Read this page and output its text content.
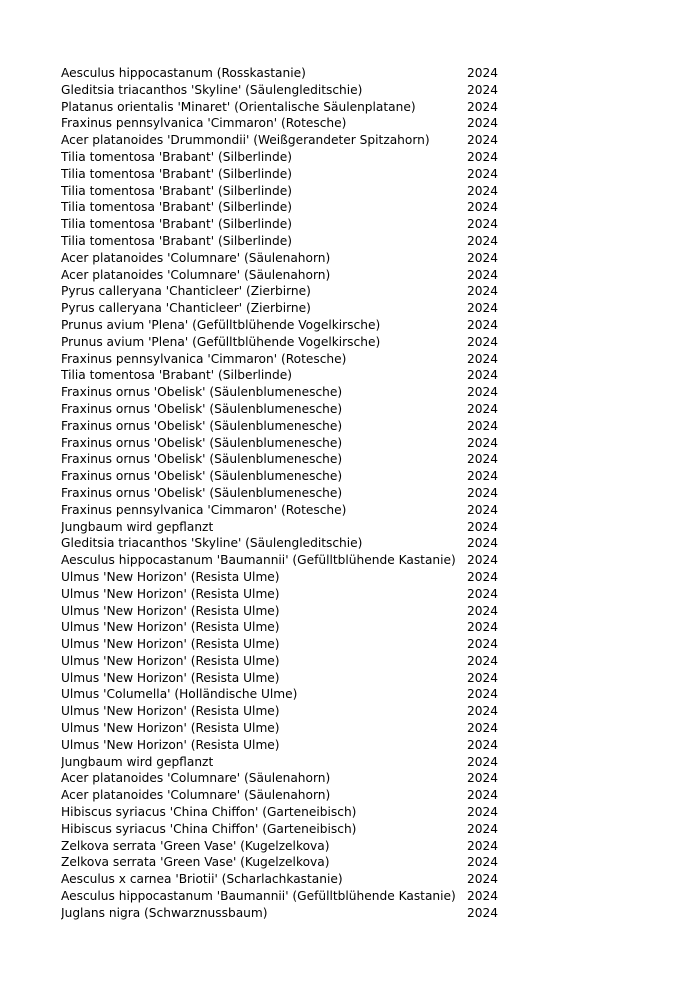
Aesculus hippocastanum (Rosskastanie)	2024
Gleditsia triacanthos 'Skyline' (Säulengleditschie)	2024
Platanus orientalis 'Minaret' (Orientalische Säulenplatane)	2024
Fraxinus pennsylvanica 'Cimmaron' (Rotesche)	2024
Acer platanoides 'Drummondii' (Weißgerandeter Spitzahorn)	2024
Tilia tomentosa 'Brabant' (Silberlinde)	2024
Tilia tomentosa 'Brabant' (Silberlinde)	2024
Tilia tomentosa 'Brabant' (Silberlinde)	2024
Tilia tomentosa 'Brabant' (Silberlinde)	2024
Tilia tomentosa 'Brabant' (Silberlinde)	2024
Tilia tomentosa 'Brabant' (Silberlinde)	2024
Acer platanoides 'Columnare' (Säulenahorn)	2024
Acer platanoides 'Columnare' (Säulenahorn)	2024
Pyrus calleryana 'Chanticleer' (Zierbirne)	2024
Pyrus calleryana 'Chanticleer' (Zierbirne)	2024
Prunus avium 'Plena' (Gefülltblühende Vogelkirsche)	2024
Prunus avium 'Plena' (Gefülltblühende Vogelkirsche)	2024
Fraxinus pennsylvanica 'Cimmaron' (Rotesche)	2024
Tilia tomentosa 'Brabant' (Silberlinde)	2024
Fraxinus ornus 'Obelisk' (Säulenblumenesche)	2024
Fraxinus ornus 'Obelisk' (Säulenblumenesche)	2024
Fraxinus ornus 'Obelisk' (Säulenblumenesche)	2024
Fraxinus ornus 'Obelisk' (Säulenblumenesche)	2024
Fraxinus ornus 'Obelisk' (Säulenblumenesche)	2024
Fraxinus ornus 'Obelisk' (Säulenblumenesche)	2024
Fraxinus ornus 'Obelisk' (Säulenblumenesche)	2024
Fraxinus pennsylvanica 'Cimmaron' (Rotesche)	2024
Jungbaum wird gepflanzt	2024
Gleditsia triacanthos 'Skyline' (Säulengleditschie)	2024
Aesculus hippocastanum 'Baumannii' (Gefülltblühende Kastanie) 2024
Ulmus 'New Horizon' (Resista Ulme)	2024
Ulmus 'New Horizon' (Resista Ulme)	2024
Ulmus 'New Horizon' (Resista Ulme)	2024
Ulmus 'New Horizon' (Resista Ulme)	2024
Ulmus 'New Horizon' (Resista Ulme)	2024
Ulmus 'New Horizon' (Resista Ulme)	2024
Ulmus 'New Horizon' (Resista Ulme)	2024
Ulmus 'Columella' (Holländische Ulme)	2024
Ulmus 'New Horizon' (Resista Ulme)	2024
Ulmus 'New Horizon' (Resista Ulme)	2024
Ulmus 'New Horizon' (Resista Ulme)	2024
Jungbaum wird gepflanzt	2024
Acer platanoides 'Columnare' (Säulenahorn)	2024
Acer platanoides 'Columnare' (Säulenahorn)	2024
Hibiscus syriacus 'China Chiffon' (Garteneibisch)	2024
Hibiscus syriacus 'China Chiffon' (Garteneibisch)	2024
Zelkova serrata 'Green Vase' (Kugelzelkova)	2024
Zelkova serrata 'Green Vase' (Kugelzelkova)	2024
Aesculus x carnea 'Briotii' (Scharlachkastanie)	2024
Aesculus hippocastanum 'Baumannii' (Gefülltblühende Kastanie) 2024
Juglans nigra (Schwarznussbaum)	2024
